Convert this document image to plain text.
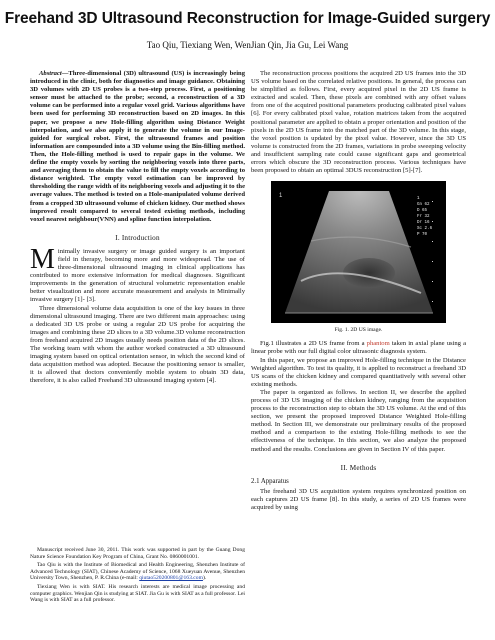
Freehand 3D Ultrasound Reconstruction for Image-Guided surgery
Tao Qiu, Tiexiang Wen, WenJian Qin, Jia Gu, Lei Wang

Abstract—Three-dimensional (3D) ultrasound (US) is increasingly being introduced in the clinic, both for diagnostics and image guidance. Obtaining 3D volumes with 2D US probes is a two-step process. First, a positioning sensor must be attached to the probe; second, a reconstruction of a 3D volume can be performed into a regular voxel grid. Various algorithms have been used for performing 3D reconstruction based on 2D images. In this paper, we propose a new Hole-filling algorithm using Distance Weight interpolation, and we also apply it to generate the volume in our Image-guided for surgical robot. First, the ultrasound frames and position information are compounded into a 3D volume using the Bin-filling method. Then, the Hole-filling method is used to repair gaps in the volume. We define the empty voxels by sorting the neighboring voxels into three parts, and averaging them to obtain the value to fill the empty voxels according to distance weighted. The empty voxel estimation can be improved by thresholding the range width of its neighboring voxels and adjusting it to the average values. The method is tested on a Hole-manipulated volume derived from a cropped 3D ultrasound volume of chicken kidney. Our method shows improved result compared to several tested existing methods, including voxel nearest neighbour(VNN) and spline function interpolation.

I. Introduction

Minimally invasive surgery or image guided surgery is an important field in therapy, becoming more and more widespread. The use of three-dimensional ultrasound imaging in clinical applications has contributed to more extensive information for medical diagnoses. Significant improvements in the generation of structural volumetric representation enable better visualization and more accurate measurement and analysis in Minimally invasive surgery [1]- [3].

Three dimensional volume data acquisition is one of the key issues in three dimensional ultrasound imaging. There are two different main approaches: using a dedicated 3D US probe or using a regular 2D US probe for acquiring the images and combining these 2D slices to a 3D volume.3D volume reconstruction from freehand acquired 2D images usually needs position data of the 2D slices. The working team with whom the author worked constructed a 3D ultrasound imaging system based on optical orientation sensor, in which the second kind of data acquisition method was adopted. Because the positioning sensor is smaller, it is allowed that doctors conveniently mobile system to obtain 3D data, therefore, it is also called Freehand 3D ultrasound imaging system [4].

Manuscript received June 30, 2011. This work was supported in part by the Guang Dong Nature Science Foundation Key Program of China, Grant No. 0860001001.

Tao Qiu is with the Institute of Biomedical and Health Engineering, Shenzhen Institute of Advanced Technology (SIAT), Chinese Academy of Science, 1068 Xueyuan Avenue, Shenzhen University Town, Shenzhen, P. R.China (e-mail: qiutao520200801@163.com).

Tiexiang Wen is with SIAT. His research interests are medical image processing and computer graphics. Wenjian Qin is studying at SIAT. Jia Gu is with SIAT as a full professor. Lei Wang is with SIAT as a full professor.

The reconstruction process positions the acquired 2D US frames into the 3D US volume based on the correlated relative positions. In general, the process can be simplified as follows. First, every acquired pixel in the 2D US frame is extracted and scaled. Then, these pixels are combined with any offset values from one of the acquired positional parameters producing calibrated pixel values [6]. For every calibrated pixel value, rotation matrices taken from the acquired positional parameter are applied to obtain a proper orientation and position of the pixels in the 2D US frame into the matched part of the 3D volume. In this stage, the voxel position is updated by the pixel value. However, since the 3D US volume is constructed from the 2D frames, variations in probe sweeping velocity and insufficient sampling rate could cause significant gaps and geometrical errors which obscure the 3D reconstruction process. Various techniques have been proposed to obtain an optimal 3DUS reconstruction [5]-[7].

1	1
Gn 62
D 65
Fr 32
Dr 16
Sc 2.6
P 70
Fig. 1. 2D US image.

Fig.1 illustrates a 2D US frame from a phantom taken in axial plane using a linear probe with our full digital color ultrasonic diagnosis system.

In this paper, we propose an improved Hole-filling technique in the Distance Weighted algorithm. To test its quality, it is applied to reconstruct a freehand 3D US scans of the chicken kidney and compared quantitatively with several other existing methods.

The paper is organized as follows. In section II, we describe the applied process of 3D US imaging of the chicken kidney, ranging from the acquisition process to the reconstruction step to obtain the 3D US volume. At the end of this section, we present the proposed improved Distance Weighted Hole-filling method. In Section III, we demonstrate our preliminary results of the proposed method and a comparison to the existing Hole-filling methods to see the effectiveness of the technique. In this section, we also analyze the proposed method and the results. Conclusions are given in Section IV of this paper.

II. Methods
2.1 Apparatus

The freehand 3D US acquisition system requires synchronized position on each captures 2D US frame [8]. In this study, a series of 2D US frames were acquired by using
